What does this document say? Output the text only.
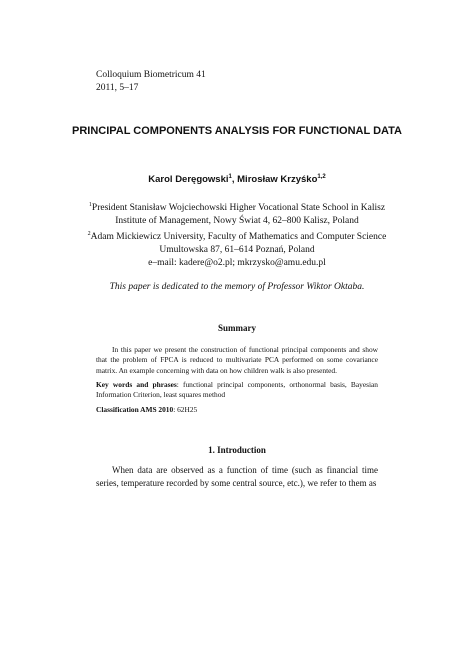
Colloquium Biometricum 41
2011, 5–17
PRINCIPAL COMPONENTS ANALYSIS FOR FUNCTIONAL DATA
Karol Deręgowski$^1$, Mirosław Krzyśko$^{1,2}$
$^1$President Stanisław Wojciechowski Higher Vocational State School in Kalisz
Institute of Management, Nowy Świat 4, 62–800 Kalisz, Poland
$^2$Adam Mickiewicz University, Faculty of Mathematics and Computer Science
Umultowska 87, 61–614 Poznań, Poland
e–mail: kadere@o2.pl; mkrzysko@amu.edu.pl
This paper is dedicated to the memory of Professor Wiktor Oktaba.
Summary
In this paper we present the construction of functional principal components and show that the problem of FPCA is reduced to multivariate PCA performed on some covariance matrix. An example concerning with data on how children walk is also presented.
Key words and phrases: functional principal components, orthonormal basis, Bayesian Information Criterion, least squares method
Classification AMS 2010: 62H25
1. Introduction
When data are observed as a function of time (such as financial time series, temperature recorded by some central source, etc.), we refer to them as
